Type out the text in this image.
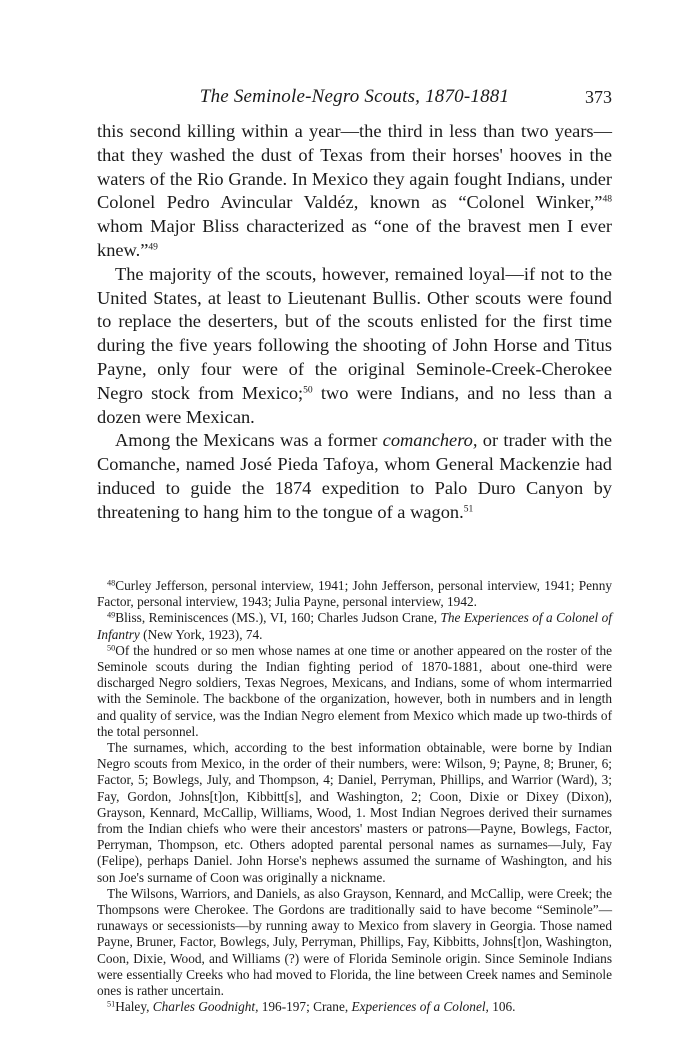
The Seminole-Negro Scouts, 1870-1881	373

this second killing within a year—the third in less than two years—that they washed the dust of Texas from their horses' hooves in the waters of the Rio Grande. In Mexico they again fought Indians, under Colonel Pedro Avincular Valdéz, known as “Colonel Winker,”$^{48}$ whom Major Bliss characterized as “one of the bravest men I ever knew.”$^{49}$

The majority of the scouts, however, remained loyal—if not to the United States, at least to Lieutenant Bullis. Other scouts were found to replace the deserters, but of the scouts enlisted for the first time during the five years following the shooting of John Horse and Titus Payne, only four were of the original Seminole-Creek-Cherokee Negro stock from Mexico;$^{50}$ two were Indians, and no less than a dozen were Mexican.

Among the Mexicans was a former comanchero, or trader with the Comanche, named José Pieda Tafoya, whom General Mackenzie had induced to guide the 1874 expedition to Palo Duro Canyon by threatening to hang him to the tongue of a wagon.$^{51}$

$^{48}$Curley Jefferson, personal interview, 1941; John Jefferson, personal interview, 1941; Penny Factor, personal interview, 1943; Julia Payne, personal interview, 1942.

$^{49}$Bliss, Reminiscences (MS.), VI, 160; Charles Judson Crane, The Experiences of a Colonel of Infantry (New York, 1923), 74.

$^{50}$Of the hundred or so men whose names at one time or another appeared on the roster of the Seminole scouts during the Indian fighting period of 1870-1881, about one-third were discharged Negro soldiers, Texas Negroes, Mexicans, and Indians, some of whom intermarried with the Seminole. The backbone of the organization, however, both in numbers and in length and quality of service, was the Indian Negro element from Mexico which made up two-thirds of the total personnel.

The surnames, which, according to the best information obtainable, were borne by Indian Negro scouts from Mexico, in the order of their numbers, were: Wilson, 9; Payne, 8; Bruner, 6; Factor, 5; Bowlegs, July, and Thompson, 4; Daniel, Perryman, Phillips, and Warrior (Ward), 3; Fay, Gordon, Johns[t]on, Kibbitt[s], and Washington, 2; Coon, Dixie or Dixey (Dixon), Grayson, Kennard, McCallip, Williams, Wood, 1. Most Indian Negroes derived their surnames from the Indian chiefs who were their ancestors' masters or patrons—Payne, Bowlegs, Factor, Perryman, Thompson, etc. Others adopted parental personal names as surnames—July, Fay (Felipe), perhaps Daniel. John Horse's nephews assumed the surname of Washington, and his son Joe's surname of Coon was originally a nickname.

The Wilsons, Warriors, and Daniels, as also Grayson, Kennard, and McCallip, were Creek; the Thompsons were Cherokee. The Gordons are traditionally said to have become “Seminole”—runaways or secessionists—by running away to Mexico from slavery in Georgia. Those named Payne, Bruner, Factor, Bowlegs, July, Perryman, Phillips, Fay, Kibbitts, Johns[t]on, Washington, Coon, Dixie, Wood, and Williams (?) were of Florida Seminole origin. Since Seminole Indians were essentially Creeks who had moved to Florida, the line between Creek names and Seminole ones is rather uncertain.

$^{51}$Haley, Charles Goodnight, 196-197; Crane, Experiences of a Colonel, 106.
